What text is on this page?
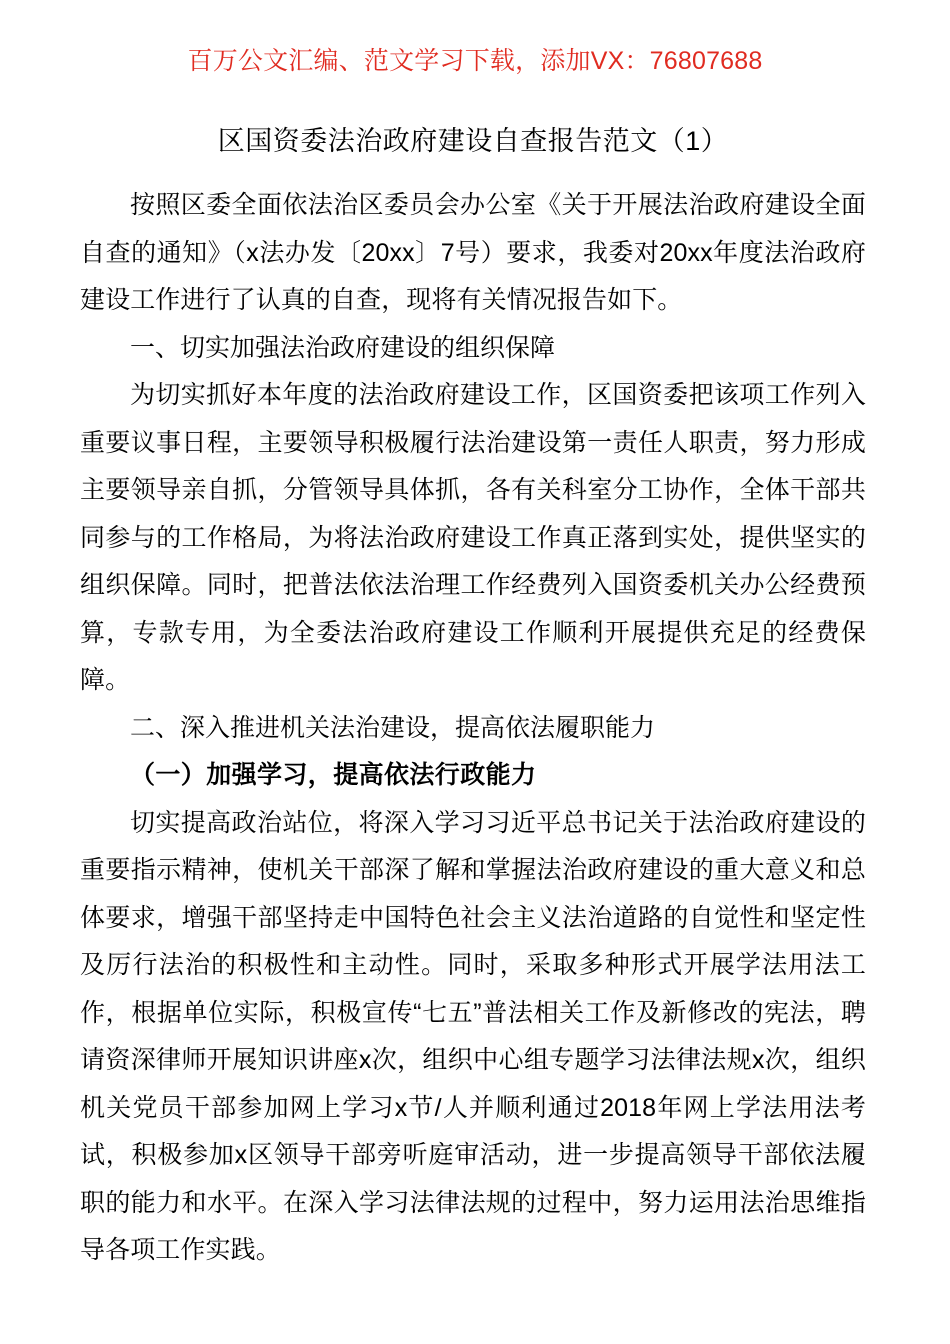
百万公文汇编、范文学习下载，添加VX：76807688
区国资委法治政府建设自查报告范文（1）

按照区委全面依法治区委员会办公室《关于开展法治政府建设全面自查的通知》（x法办发〔20xx〕7号）要求，我委对20xx年度法治政府建设工作进行了认真的自查，现将有关情况报告如下。

一、切实加强法治政府建设的组织保障

为切实抓好本年度的法治政府建设工作，区国资委把该项工作列入重要议事日程，主要领导积极履行法治建设第一责任人职责，努力形成主要领导亲自抓，分管领导具体抓，各有关科室分工协作，全体干部共同参与的工作格局，为将法治政府建设工作真正落到实处，提供坚实的组织保障。同时，把普法依法治理工作经费列入国资委机关办公经费预算，专款专用，为全委法治政府建设工作顺利开展提供充足的经费保障。

二、深入推进机关法治建设，提高依法履职能力

（一）加强学习，提高依法行政能力

切实提高政治站位，将深入学习习近平总书记关于法治政府建设的重要指示精神，使机关干部深了解和掌握法治政府建设的重大意义和总体要求，增强干部坚持走中国特色社会主义法治道路的自觉性和坚定性及厉行法治的积极性和主动性。同时，采取多种形式开展学法用法工作，根据单位实际，积极宣传“七五”普法相关工作及新修改的宪法，聘请资深律师开展知识讲座x次，组织中心组专题学习法律法规x次，组织机关党员干部参加网上学习x节/人并顺利通过2018年网上学法用法考试，积极参加x区领导干部旁听庭审活动，进一步提高领导干部依法履职的能力和水平。在深入学习法律法规的过程中，努力运用法治思维指导各项工作实践。
